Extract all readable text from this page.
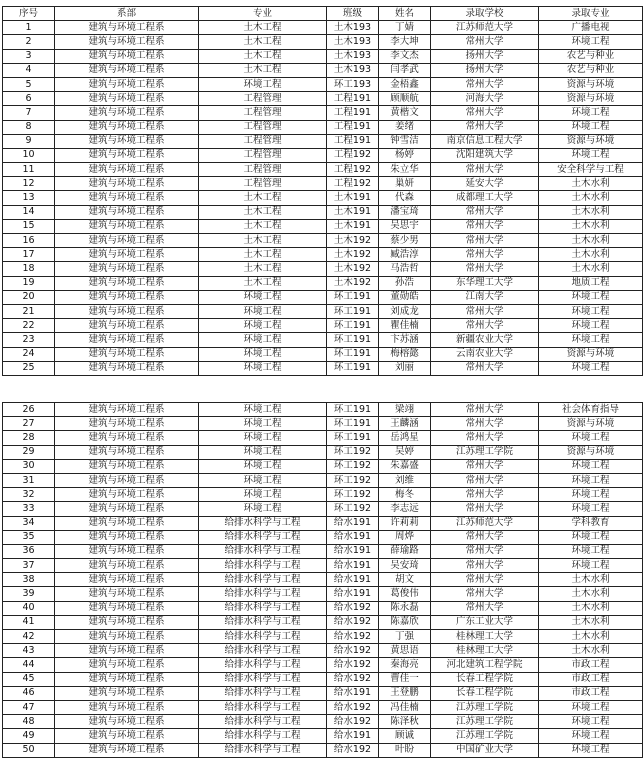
序号	系部	专业	班级	姓名	录取学校	录取专业
1	建筑与环境工程系	土木工程	土木193	丁婧	江苏师范大学	广播电视
2	建筑与环境工程系	土木工程	土木193	李大坤	常州大学	环境工程
3	建筑与环境工程系	土木工程	土木193	李文杰	扬州大学	农艺与种业
4	建筑与环境工程系	土木工程	土木193	闫孝武	扬州大学	农艺与种业
5	建筑与环境工程系	环境工程	环工193	金梧鑫	常州大学	资源与环境
6	建筑与环境工程系	工程管理	工程191	顾顺航	河海大学	资源与环境
7	建筑与环境工程系	工程管理	工程191	黄楷文	常州大学	环境工程
8	建筑与环境工程系	工程管理	工程191	姜绪	常州大学	环境工程
9	建筑与环境工程系	工程管理	工程191	钟雪洁	南京信息工程大学	资源与环境
10	建筑与环境工程系	工程管理	工程192	杨婷	沈阳建筑大学	环境工程
11	建筑与环境工程系	工程管理	工程192	朱立华	常州大学	安全科学与工程
12	建筑与环境工程系	工程管理	工程192	巢妍	延安大学	土木水利
13	建筑与环境工程系	土木工程	土木191	代森	成都理工大学	土木水利
14	建筑与环境工程系	土木工程	土木191	潘宝琦	常州大学	土木水利
15	建筑与环境工程系	土木工程	土木191	吴思宇	常州大学	土木水利
16	建筑与环境工程系	土木工程	土木192	蔡少男	常州大学	土木水利
17	建筑与环境工程系	土木工程	土木192	臧浩淳	常州大学	土木水利
18	建筑与环境工程系	土木工程	土木192	马浩哲	常州大学	土木水利
19	建筑与环境工程系	土木工程	土木192	孙浩	东华理工大学	地质工程
20	建筑与环境工程系	环境工程	环工191	董勋皓	江南大学	环境工程
21	建筑与环境工程系	环境工程	环工191	刘成龙	常州大学	环境工程
22	建筑与环境工程系	环境工程	环工191	瞿佳楠	常州大学	环境工程
23	建筑与环境工程系	环境工程	环工191	卞苏涵	新疆农业大学	环境工程
24	建筑与环境工程系	环境工程	环工191	梅榕懿	云南农业大学	资源与环境
25	建筑与环境工程系	环境工程	环工191	刘丽	常州大学	环境工程
26	建筑与环境工程系	环境工程	环工191	梁翊	常州大学	社会体育指导
27	建筑与环境工程系	环境工程	环工191	王麟涵	常州大学	资源与环境
28	建筑与环境工程系	环境工程	环工191	岳鸿星	常州大学	环境工程
29	建筑与环境工程系	环境工程	环工192	吴婷	江苏理工学院	资源与环境
30	建筑与环境工程系	环境工程	环工192	朱嘉盛	常州大学	环境工程
31	建筑与环境工程系	环境工程	环工192	刘维	常州大学	环境工程
32	建筑与环境工程系	环境工程	环工192	梅冬	常州大学	环境工程
33	建筑与环境工程系	环境工程	环工192	李志远	常州大学	环境工程
34	建筑与环境工程系	给排水科学与工程	给水191	许莉莉	江苏师范大学	学科教育
35	建筑与环境工程系	给排水科学与工程	给水191	周烨	常州大学	环境工程
36	建筑与环境工程系	给排水科学与工程	给水191	薛瑜路	常州大学	环境工程
37	建筑与环境工程系	给排水科学与工程	给水191	吴安琦	常州大学	环境工程
38	建筑与环境工程系	给排水科学与工程	给水191	胡文	常州大学	土木水利
39	建筑与环境工程系	给排水科学与工程	给水191	葛俊伟	常州大学	土木水利
40	建筑与环境工程系	给排水科学与工程	给水192	陈永磊	常州大学	土木水利
41	建筑与环境工程系	给排水科学与工程	给水192	陈嘉欣	广东工业大学	土木水利
42	建筑与环境工程系	给排水科学与工程	给水192	丁强	桂林理工大学	土木水利
43	建筑与环境工程系	给排水科学与工程	给水192	黄思语	桂林理工大学	土木水利
44	建筑与环境工程系	给排水科学与工程	给水192	秦海亮	河北建筑工程学院	市政工程
45	建筑与环境工程系	给排水科学与工程	给水192	曹佳一	长春工程学院	市政工程
46	建筑与环境工程系	给排水科学与工程	给水191	王登鹏	长春工程学院	市政工程
47	建筑与环境工程系	给排水科学与工程	给水192	冯佳楠	江苏理工学院	环境工程
48	建筑与环境工程系	给排水科学与工程	给水192	陈泽秋	江苏理工学院	环境工程
49	建筑与环境工程系	给排水科学与工程	给水191	顾诚	江苏理工学院	环境工程
50	建筑与环境工程系	给排水科学与工程	给水192	叶盼	中国矿业大学	环境工程
